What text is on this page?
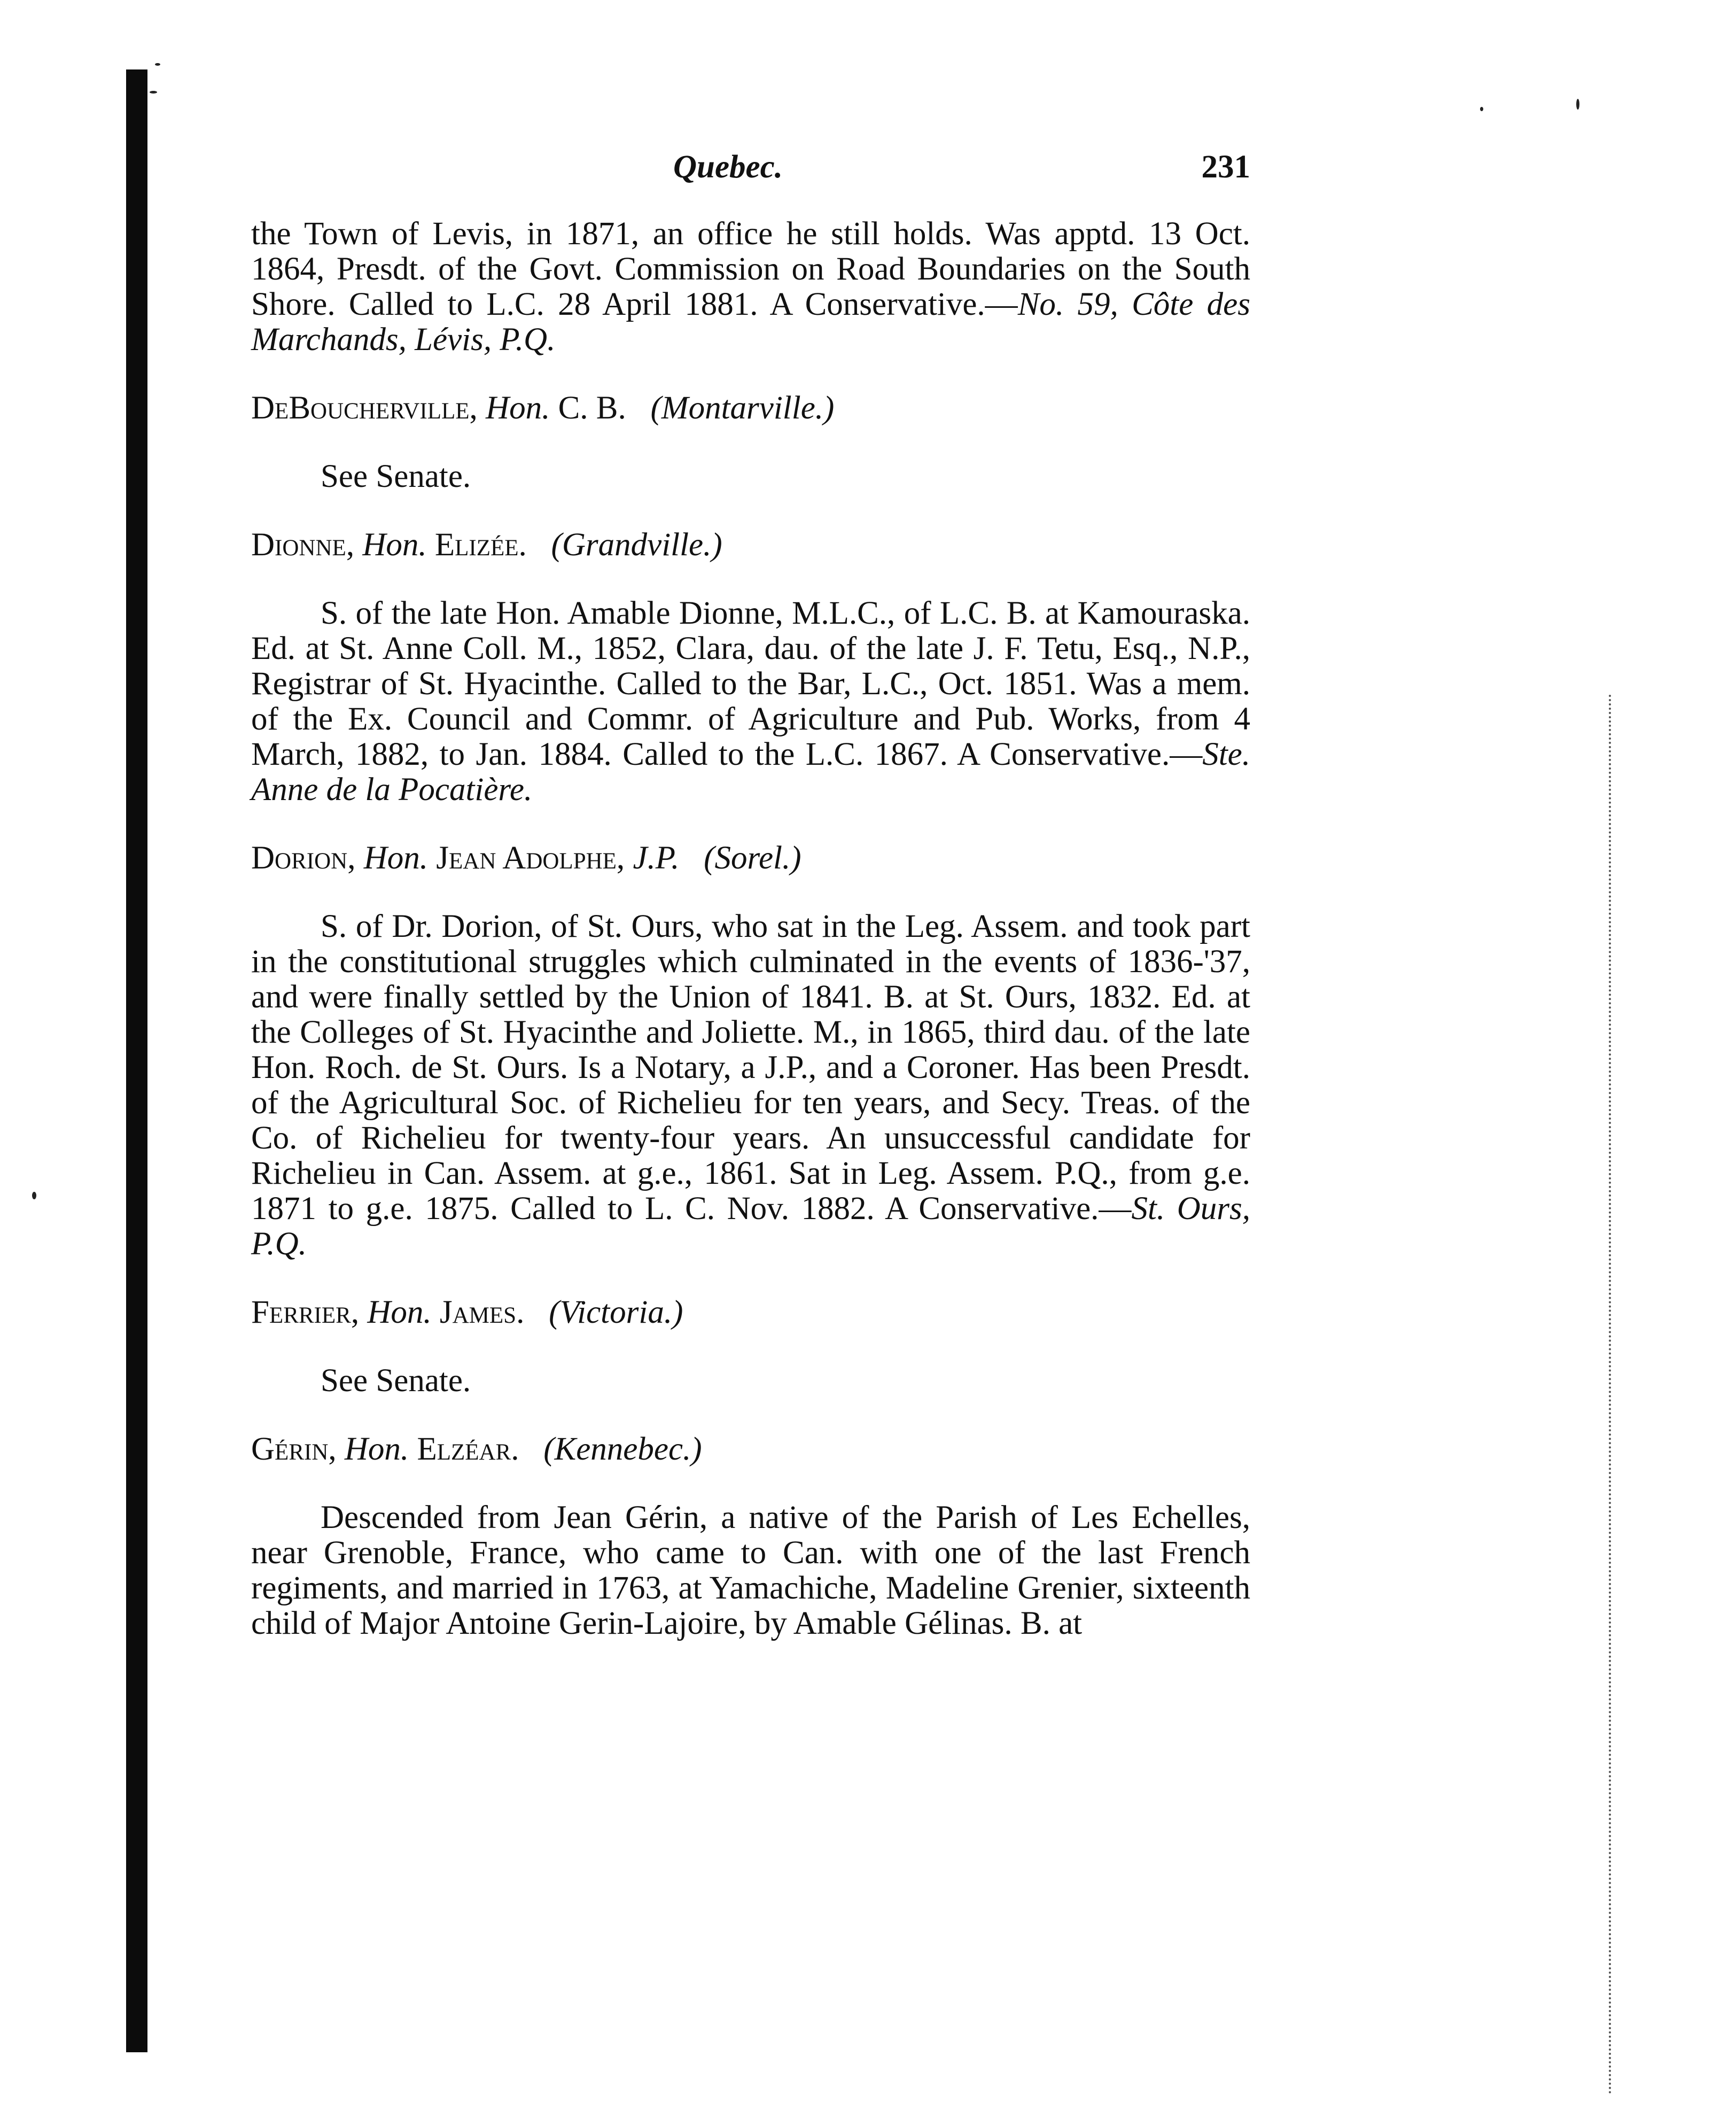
Quebec.	231

the Town of Levis, in 1871, an office he still holds. Was apptd. 13 Oct. 1864, Presdt. of the Govt. Commission on Road Boundaries on the South Shore. Called to L.C. 28 April 1881. A Conservative.—No. 59, Côte des Marchands, Lévis, P.Q.

DeBoucherville, Hon. C. B. (Montarville.)

See Senate.

Dionne, Hon. Elizée. (Grandville.)

S. of the late Hon. Amable Dionne, M.L.C., of L.C. B. at Kamouraska. Ed. at St. Anne Coll. M., 1852, Clara, dau. of the late J. F. Tetu, Esq., N.P., Registrar of St. Hyacinthe. Called to the Bar, L.C., Oct. 1851. Was a mem. of the Ex. Council and Commr. of Agriculture and Pub. Works, from 4 March, 1882, to Jan. 1884. Called to the L.C. 1867. A Conservative.—Ste. Anne de la Pocatière.

Dorion, Hon. Jean Adolphe, J.P. (Sorel.)

S. of Dr. Dorion, of St. Ours, who sat in the Leg. Assem. and took part in the constitutional struggles which culminated in the events of 1836-'37, and were finally settled by the Union of 1841. B. at St. Ours, 1832. Ed. at the Colleges of St. Hyacinthe and Joliette. M., in 1865, third dau. of the late Hon. Roch. de St. Ours. Is a Notary, a J.P., and a Coroner. Has been Presdt. of the Agricultural Soc. of Richelieu for ten years, and Secy. Treas. of the Co. of Richelieu for twenty-four years. An unsuccessful candidate for Richelieu in Can. Assem. at g.e., 1861. Sat in Leg. Assem. P.Q., from g.e. 1871 to g.e. 1875. Called to L. C. Nov. 1882. A Conservative.—St. Ours, P.Q.

Ferrier, Hon. James. (Victoria.)

See Senate.

Gérin, Hon. Elzéar. (Kennebec.)

Descended from Jean Gérin, a native of the Parish of Les Echelles, near Grenoble, France, who came to Can. with one of the last French regiments, and married in 1763, at Yamachiche, Madeline Grenier, sixteenth child of Major Antoine Gerin-Lajoire, by Amable Gélinas. B. at
